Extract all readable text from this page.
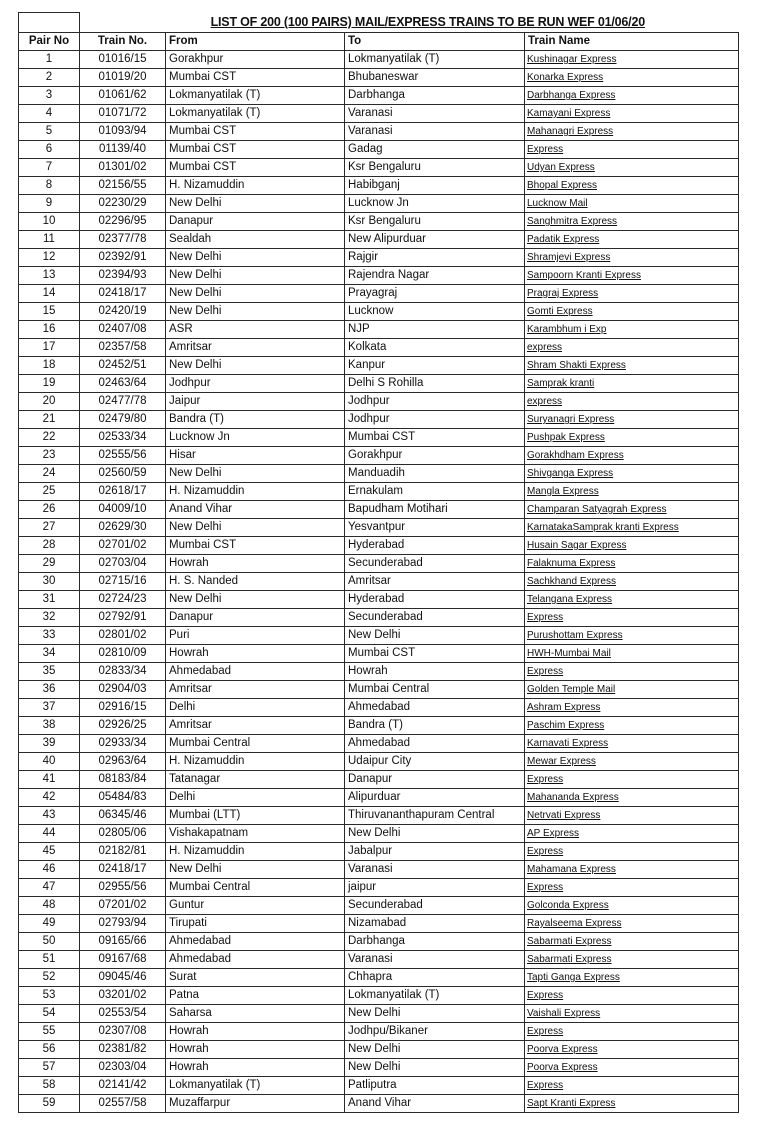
	LIST OF 200 (100 PAIRS) MAIL/EXPRESS TRAINS TO BE RUN WEF 01/06/20			
Pair No	Train No.	From	To	Train Name
1	01016/15	Gorakhpur	Lokmanyatilak (T)	Kushinagar Express
2	01019/20	Mumbai CST	Bhubaneswar	Konarka Express
3	01061/62	Lokmanyatilak (T)	Darbhanga	Darbhanga Express
4	01071/72	Lokmanyatilak (T)	Varanasi	Kamayani Express
5	01093/94	Mumbai CST	Varanasi	Mahanagri Express
6	01139/40	Mumbai CST	Gadag	Express
7	01301/02	Mumbai CST	Ksr Bengaluru	Udyan Express
8	02156/55	H. Nizamuddin	Habibganj	Bhopal Express
9	02230/29	New Delhi	Lucknow Jn	Lucknow Mail
10	02296/95	Danapur	Ksr Bengaluru	Sanghmitra Express
11	02377/78	Sealdah	New Alipurduar	Padatik Express
12	02392/91	New Delhi	Rajgir	Shramjevi Express
13	02394/93	New Delhi	Rajendra Nagar	Sampoorn Kranti Express
14	02418/17	New Delhi	Prayagraj	Pragraj Express
15	02420/19	New Delhi	Lucknow	Gomti Express
16	02407/08	ASR	NJP	Karambhum i Exp
17	02357/58	Amritsar	Kolkata	express
18	02452/51	New Delhi	Kanpur	Shram Shakti Express
19	02463/64	Jodhpur	Delhi S Rohilla	Samprak kranti
20	02477/78	Jaipur	Jodhpur	express
21	02479/80	Bandra (T)	Jodhpur	Suryanagri Express
22	02533/34	Lucknow Jn	Mumbai CST	Pushpak Express
23	02555/56	Hisar	Gorakhpur	Gorakhdham Express
24	02560/59	New Delhi	Manduadih	Shivganga Express
25	02618/17	H. Nizamuddin	Ernakulam	Mangla Express
26	04009/10	Anand Vihar	Bapudham Motihari	Champaran Satyagrah Express
27	02629/30	New Delhi	Yesvantpur	KarnatakaSamprak kranti Express
28	02701/02	Mumbai CST	Hyderabad	Husain Sagar Express
29	02703/04	Howrah	Secunderabad	Falaknuma Express
30	02715/16	H. S. Nanded	Amritsar	Sachkhand Express
31	02724/23	New Delhi	Hyderabad	Telangana Express
32	02792/91	Danapur	Secunderabad	Express
33	02801/02	Puri	New Delhi	Purushottam Express
34	02810/09	Howrah	Mumbai CST	HWH-Mumbai Mail
35	02833/34	Ahmedabad	Howrah	Express
36	02904/03	Amritsar	Mumbai Central	Golden Temple Mail
37	02916/15	Delhi	Ahmedabad	Ashram Express
38	02926/25	Amritsar	Bandra (T)	Paschim Express
39	02933/34	Mumbai Central	Ahmedabad	Karnavati Express
40	02963/64	H. Nizamuddin	Udaipur City	Mewar Express
41	08183/84	Tatanagar	Danapur	Express
42	05484/83	Delhi	Alipurduar	Mahananda Express
43	06345/46	Mumbai (LTT)	Thiruvananthapuram Central	Netrvati Express
44	02805/06	Vishakapatnam	New Delhi	AP Express
45	02182/81	H. Nizamuddin	Jabalpur	Express
46	02418/17	New Delhi	Varanasi	Mahamana Express
47	02955/56	Mumbai Central	jaipur	Express
48	07201/02	Guntur	Secunderabad	Golconda Express
49	02793/94	Tirupati	Nizamabad	Rayalseema Express
50	09165/66	Ahmedabad	Darbhanga	Sabarmati Express
51	09167/68	Ahmedabad	Varanasi	Sabarmati Express
52	09045/46	Surat	Chhapra	Tapti Ganga Express
53	03201/02	Patna	Lokmanyatilak (T)	Express
54	02553/54	Saharsa	New Delhi	Vaishali Express
55	02307/08	Howrah	Jodhpu/Bikaner	Express
56	02381/82	Howrah	New Delhi	Poorva Express
57	02303/04	Howrah	New Delhi	Poorva Express
58	02141/42	Lokmanyatilak (T)	Patliputra	Express
59	02557/58	Muzaffarpur	Anand Vihar	Sapt Kranti Express
